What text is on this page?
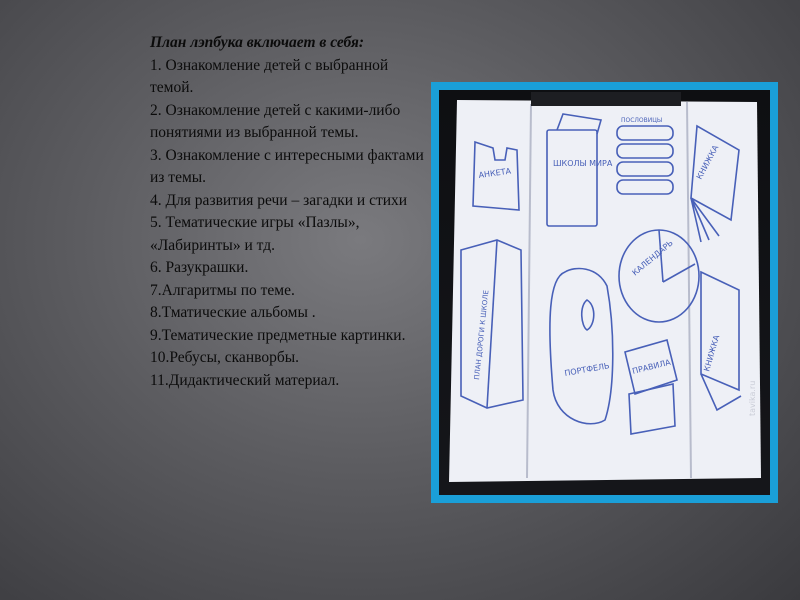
План лэпбука включает в себя:
1. Ознакомление детей с выбранной темой.
2. Ознакомление детей с какими-либо понятиями из выбранной темы.
3. Ознакомление с интересными фактами из темы.
4. Для развития речи – загадки и стихи
5. Тематические игры «Пазлы», «Лабиринты» и тд.
6. Разукрашки.
7.Алгаритмы по теме.
8.Тматические альбомы .
9.Тематические предметные картинки.
10.Ребусы, сканворбы.
11.Дидактический материал.
АНКЕТА
ШКОЛЫ МИРА
ПОСЛОВИЦЫ
КНИЖКА
КАЛЕНДАРЬ
ПЛАН ДОРОГИ К ШКОЛЕ	ПОРТФЕЛЬ	ПРАВИЛА	КНИЖКА
tavika.ru
